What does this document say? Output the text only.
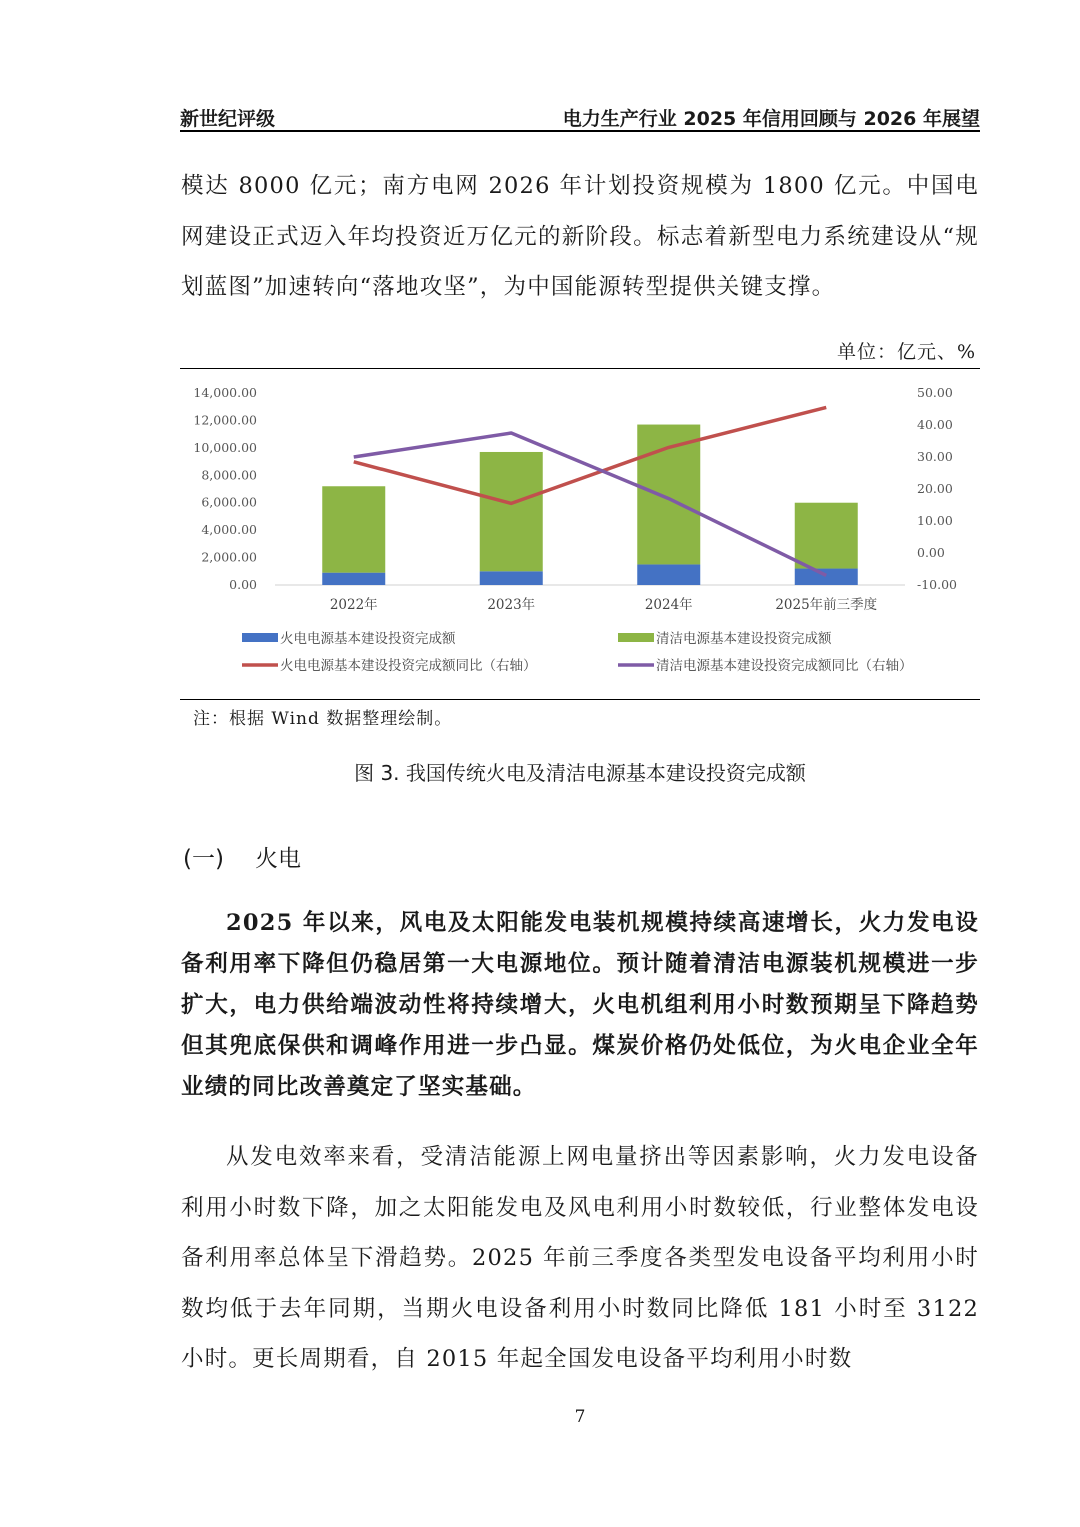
新世纪评级	电力生产行业 2025 年信用回顾与 2026 年展望
模达 8000 亿元；南方电网 2026 年计划投资规模为 1800 亿元。中国电网建设正式迈入年均投资近万亿元的新阶段。标志着新型电力系统建设从“规划蓝图”加速转向“落地攻坚”，为中国能源转型提供关键支撑。
单位：亿元、%
14,000.00
12,000.00
10,000.00
8,000.00
6,000.00
4,000.00
2,000.00
0.00
50.00
40.00
30.00
20.00
10.00
0.00
-10.00
2022年	2023年	2024年	2025年前三季度
火电电源基本建设投资完成额	清洁电源基本建设投资完成额
火电电源基本建设投资完成额同比（右轴）	清洁电源基本建设投资完成额同比（右轴）
注：根据 Wind 数据整理绘制。
图 3. 我国传统火电及清洁电源基本建设投资完成额
(一) 火电
2025 年以来，风电及太阳能发电装机规模持续高速增长，火力发电设备利用率下降但仍稳居第一大电源地位。预计随着清洁电源装机规模进一步扩大，电力供给端波动性将持续增大，火电机组利用小时数预期呈下降趋势但其兜底保供和调峰作用进一步凸显。煤炭价格仍处低位，为火电企业全年业绩的同比改善奠定了坚实基础。
从发电效率来看，受清洁能源上网电量挤出等因素影响，火力发电设备利用小时数下降，加之太阳能发电及风电利用小时数较低，行业整体发电设备利用率总体呈下滑趋势。2025 年前三季度各类型发电设备平均利用小时数均低于去年同期，当期火电设备利用小时数同比降低 181 小时至 3122 小时。更长周期看，自 2015 年起全国发电设备平均利用小时数
7
